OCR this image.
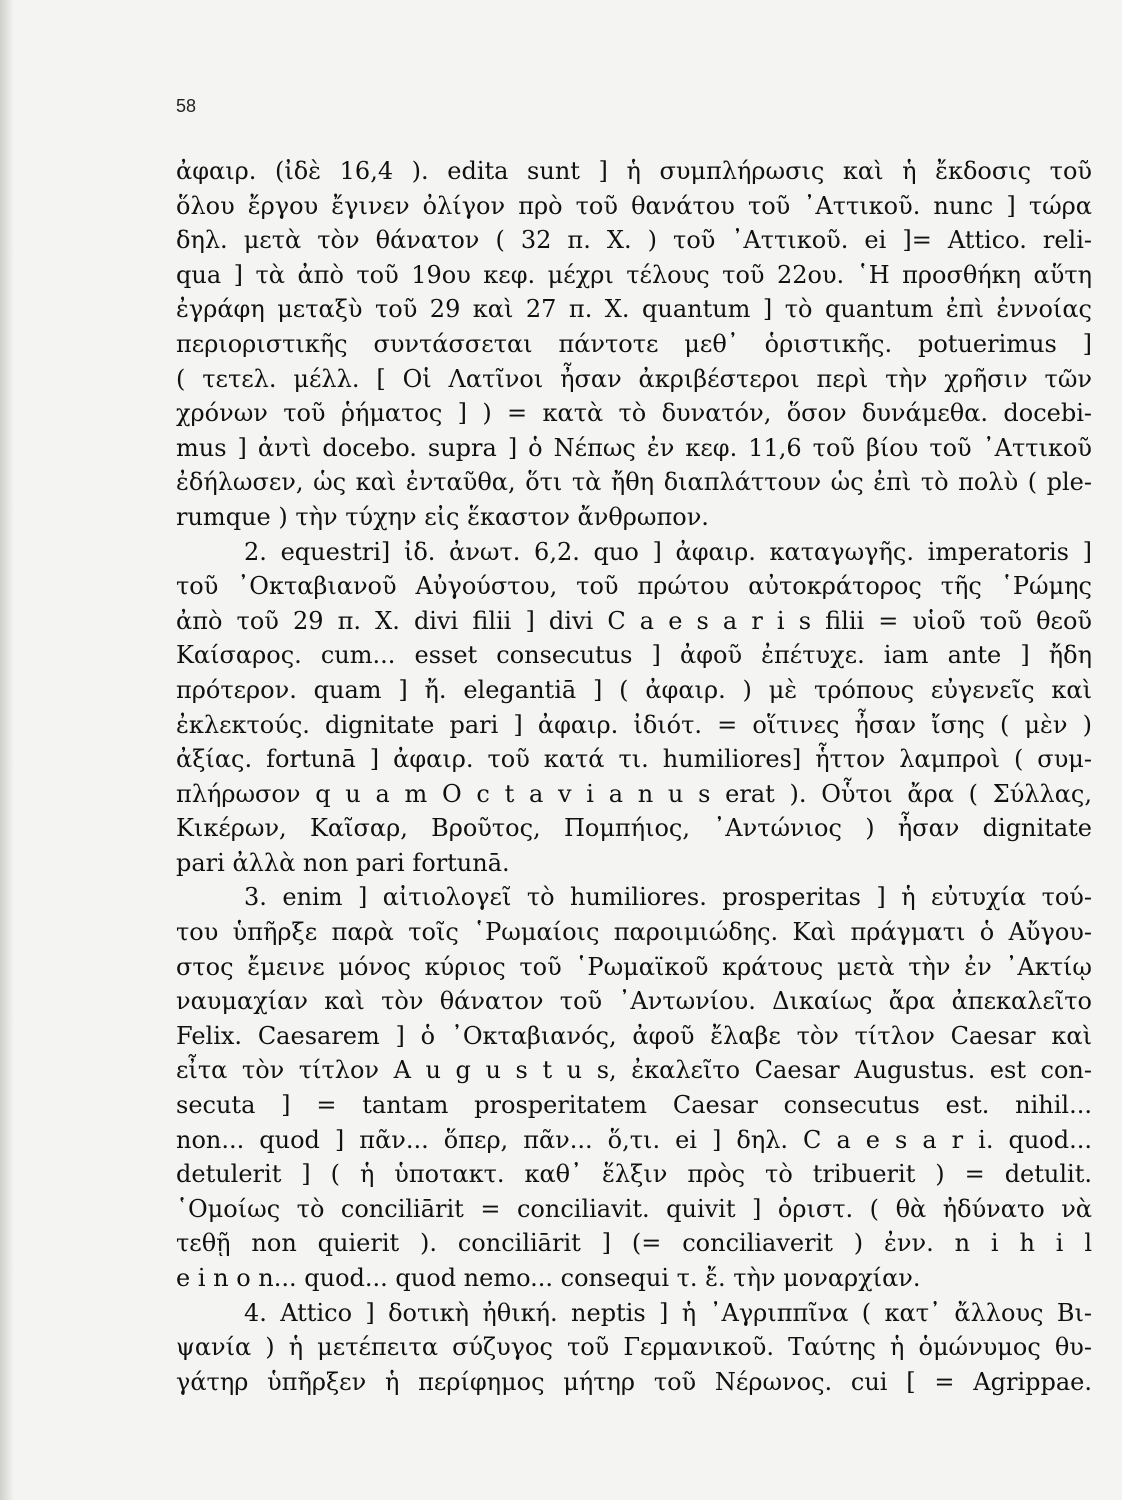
58
ἀφαιρ. (ἰδὲ 16,4 ). edita sunt ] ἡ συμπλήρωσις καὶ ἡ ἔκδοσις τοῦ
ὅλου ἔργου ἔγινεν ὀλίγον πρὸ τοῦ θανάτου τοῦ ᾿Αττικοῦ. nunc ] τώρα
δηλ. μετὰ τὸν θάνατον ( 32 π. Χ. ) τοῦ ᾿Αττικοῦ. ei ]= Attico. reli-
qua ] τὰ ἀπὸ τοῦ 19ου κεφ. μέχρι τέλους τοῦ 22ου. ῾Η προσθήκη αὕτη
ἐγράφη μεταξὺ τοῦ 29 καὶ 27 π. Χ. quantum ] τὸ quantum ἐπὶ ἐννοίας
περιοριστικῆς συντάσσεται πάντοτε μεθ᾿ ὁριστικῆς. potuerimus ]
( τετελ. μέλλ. [ Οἱ Λατῖνοι ἦσαν ἀκριβέστεροι περὶ τὴν χρῆσιν τῶν
χρόνων τοῦ ῥήματος ] ) = κατὰ τὸ δυνατόν, ὅσον δυνάμεθα. docebi-
mus ] ἀντὶ docebo. supra ] ὁ Νέπως ἐν κεφ. 11,6 τοῦ βίου τοῦ ᾿Αττικοῦ
ἐδήλωσεν, ὡς καὶ ἐνταῦθα, ὅτι τὰ ἤθη διαπλάττουν ὡς ἐπὶ τὸ πολὺ ( ple-
rumque ) τὴν τύχην εἰς ἕκαστον ἄνθρωπον.
2. equestri] ἰδ. ἀνωτ. 6,2. quo ] ἀφαιρ. καταγωγῆς. imperatoris ]
τοῦ ᾿Οκταβιανοῦ Αὐγούστου, τοῦ πρώτου αὐτοκράτορος τῆς ῾Ρώμης
ἀπὸ τοῦ 29 π. Χ. divi filii ] divi C a e s a r i s filii = υἱοῦ τοῦ θεοῦ
Καίσαρος. cum... esset consecutus ] ἀφοῦ ἐπέτυχε. iam ante ] ἤδη
πρότερον. quam ] ἤ. elegantiā ] ( ἀφαιρ. ) μὲ τρόπους εὐγενεῖς καὶ
ἐκλεκτούς. dignitate pari ] ἀφαιρ. ἰδιότ. = οἵτινες ἦσαν ἴσης ( μὲν )
ἀξίας. fortunā ] ἀφαιρ. τοῦ κατά τι. humiliores] ἧττον λαμπροὶ ( συμ-
πλήρωσον q u a m O c t a v i a n u s erat ). Οὗτοι ἄρα ( Σύλλας,
Κικέρων, Καῖσαρ, Βροῦτος, Πομπήιος, ᾿Αντώνιος ) ἦσαν dignitate
pari ἀλλὰ non pari fortunā.
3. enim ] αἰτιολογεῖ τὸ humiliores. prosperitas ] ἡ εὐτυχία τού-
του ὑπῆρξε παρὰ τοῖς ῾Ρωμαίοις παροιμιώδης. Καὶ πράγματι ὁ Αὔγου-
στος ἔμεινε μόνος κύριος τοῦ ῾Ρωμαϊκοῦ κράτους μετὰ τὴν ἐν ᾿Ακτίῳ
ναυμαχίαν καὶ τὸν θάνατον τοῦ ᾿Αντωνίου. Δικαίως ἄρα ἀπεκαλεῖτο
Felix. Caesarem ] ὁ ᾿Οκταβιανός, ἀφοῦ ἔλαβε τὸν τίτλον Caesar καὶ
εἶτα τὸν τίτλον A u g u s t u s, ἐκαλεῖτο Caesar Augustus. est con-
secuta ] = tantam prosperitatem Caesar consecutus est. nihil...
non... quod ] πᾶν... ὅπερ, πᾶν... ὅ,τι. ei ] δηλ. C a e s a r i. quod...
detulerit ] ( ἡ ὑποτακτ. καθ᾿ ἕλξιν πρὸς τὸ tribuerit ) = detulit.
῾Ομοίως τὸ conciliārit = conciliavit. quivit ] ὁριστ. ( θὰ ἠδύνατο νὰ
τεθῇ non quierit ). conciliārit ] (= conciliaverit ) ἐνν. n i h i l
e i n o n... quod... quod nemo... consequi τ. ἔ. τὴν μοναρχίαν.
4. Attico ] δοτικὴ ἠθική. neptis ] ἡ ᾿Αγριππῖνα ( κατ᾿ ἄλλους Βι-
ψανία ) ἡ μετέπειτα σύζυγος τοῦ Γερμανικοῦ. Ταύτης ἡ ὁμώνυμος θυ-
γάτηρ ὑπῆρξεν ἡ περίφημος μήτηρ τοῦ Νέρωνος. cui [ = Agrippae.
